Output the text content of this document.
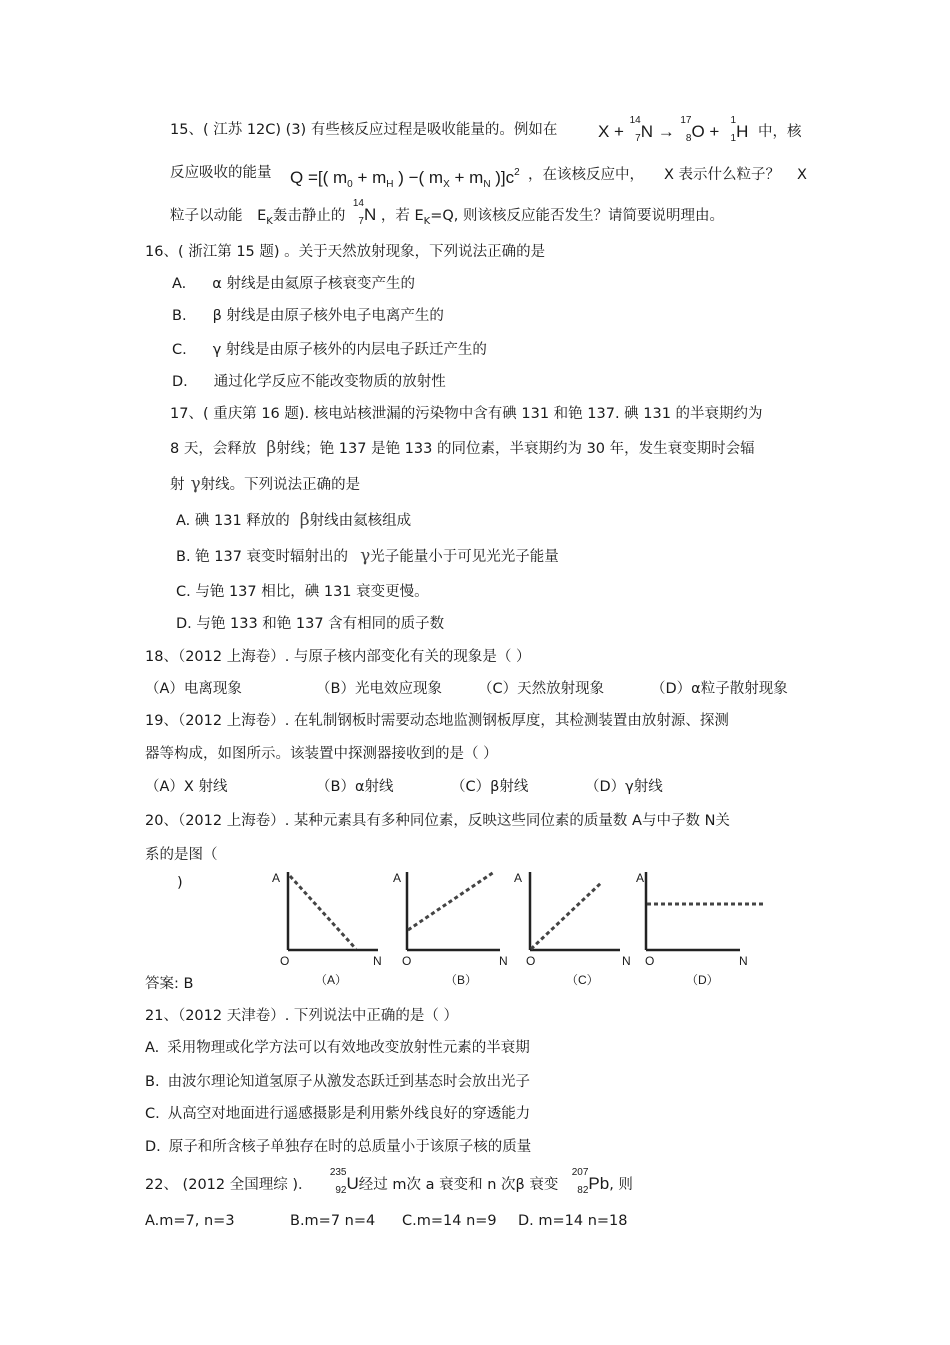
15、( 江苏 12C) (3) 有些核反应过程是吸收能量的。例如在 X +
14
7 N →
17
8 O +
1
1 H 中，核
反应吸收的能量 Q =[( $m_0 + m_H$ ) −( $m_X + m_N$ )]$c^2$ ，在该核反应中， X 表示什么粒子？ X
粒子以动能 $E_K$轰击静止的
14
7 N ，若 $E_K=Q$, 则该核反应能否发生？请简要说明理由。
16、( 浙江第 15 题) 。关于天然放射现象，下列说法正确的是
A. α 射线是由氦原子核衰变产生的
B. β 射线是由原子核外电子电离产生的
C. γ 射线是由原子核外的内层电子跃迁产生的
D. 通过化学反应不能改变物质的放射性
17、( 重庆第 16 题). 核电站核泄漏的污染物中含有碘 131 和铯 137. 碘 131 的半衰期约为
8 天，会释放 β射线；铯 137 是铯 133 的同位素，半衰期约为 30 年，发生衰变期时会辐
射 γ射线。下列说法正确的是
A. 碘 131 释放的 β射线由氦核组成
B. 铯 137 衰变时辐射出的 γ光子能量小于可见光光子能量
C. 与铯 137 相比，碘 131 衰变更慢。
D. 与铯 133 和铯 137 含有相同的质子数
18、（2012 上海卷）. 与原子核内部变化有关的现象是（ ）
（A）电离现象	（B）光电效应现象 （C）天然放射现象	（D）α粒子散射现象
19、（2012 上海卷）. 在轧制钢板时需要动态地监测钢板厚度，其检测装置由放射源、探测
器等构成，如图所示。该装置中探测器接收到的是（ ）
（A）X 射线	（B）α射线	（C）β射线	（D）γ射线
20、（2012 上海卷）. 某种元素具有多种同位素，反映这些同位素的质量数 A与中子数 N关
系的是图（
)	A
O	N
（A）
A
O	N
（B）
A
O	N
（C）
A
O	N
（D）
答案: B
21、（2012 天津卷）. 下列说法中正确的是（ ）
A. 采用物理或化学方法可以有效地改变放射性元素的半衰期
B. 由波尔理论知道氢原子从激发态跃迁到基态时会放出光子
C. 从高空对地面进行遥感摄影是利用紫外线良好的穿透能力
D. 原子和所含核子单独存在时的总质量小于该原子核的质量
22、 (2012 全国理综 )．
235
92 U经过 m次 a 衰变和 n 次β 衰变
207
82 Pb, 则
A.m=7, n=3	B.m=7 n=4 C.m=14 n=9 D. m=14 n=18
